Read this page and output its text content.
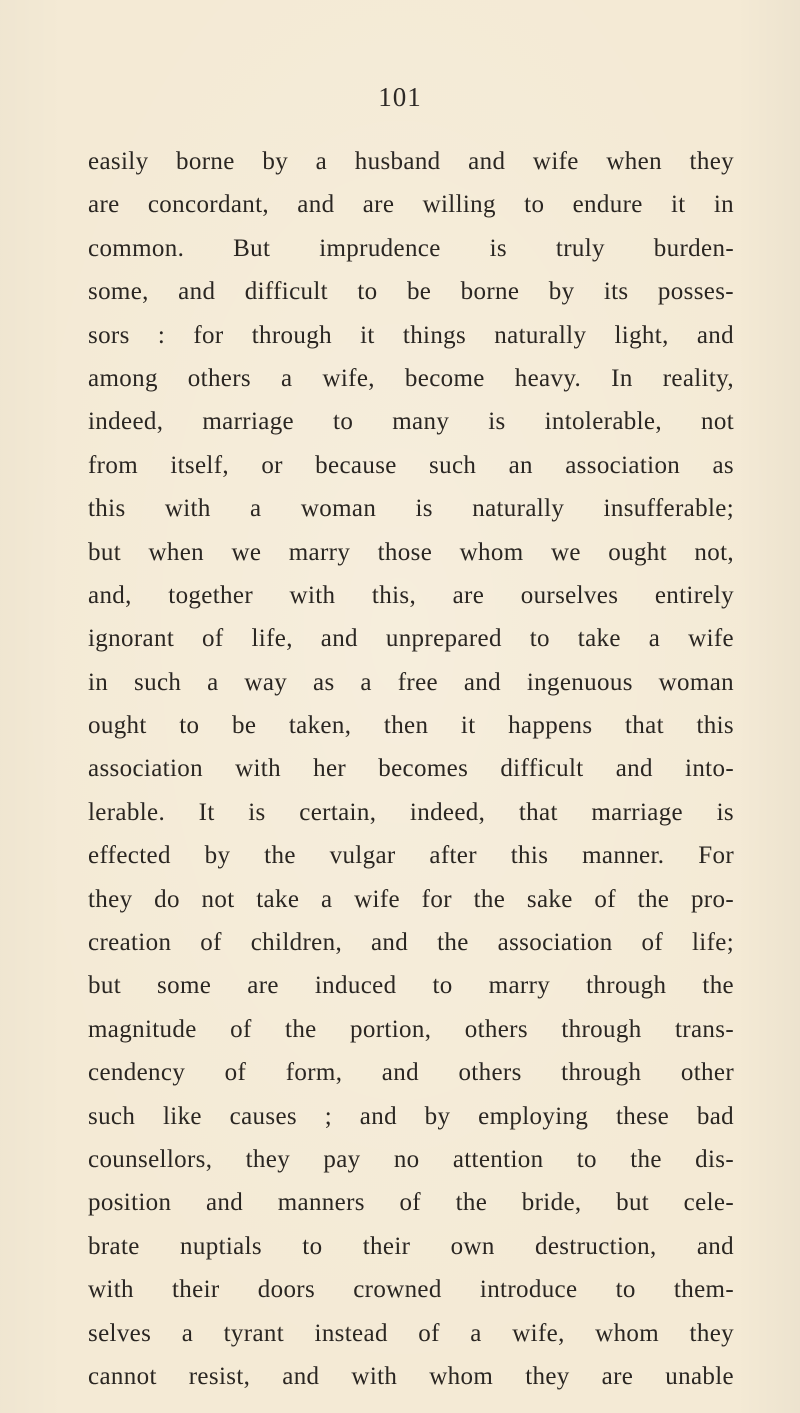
101
easily borne by a husband and wife when they
are concordant, and are willing to endure it in
common. But imprudence is truly burden-
some, and difficult to be borne by its posses-
sors : for through it things naturally light, and
among others a wife, become heavy. In reality,
indeed, marriage to many is intolerable, not
from itself, or because such an association as
this with a woman is naturally insufferable;
but when we marry those whom we ought not,
and, together with this, are ourselves entirely
ignorant of life, and unprepared to take a wife
in such a way as a free and ingenuous woman
ought to be taken, then it happens that this
association with her becomes difficult and into-
lerable. It is certain, indeed, that marriage is
effected by the vulgar after this manner. For
they do not take a wife for the sake of the pro-
creation of children, and the association of life;
but some are induced to marry through the
magnitude of the portion, others through trans-
cendency of form, and others through other
such like causes ; and by employing these bad
counsellors, they pay no attention to the dis-
position and manners of the bride, but cele-
brate nuptials to their own destruction, and
with their doors crowned introduce to them-
selves a tyrant instead of a wife, whom they
cannot resist, and with whom they are unable
